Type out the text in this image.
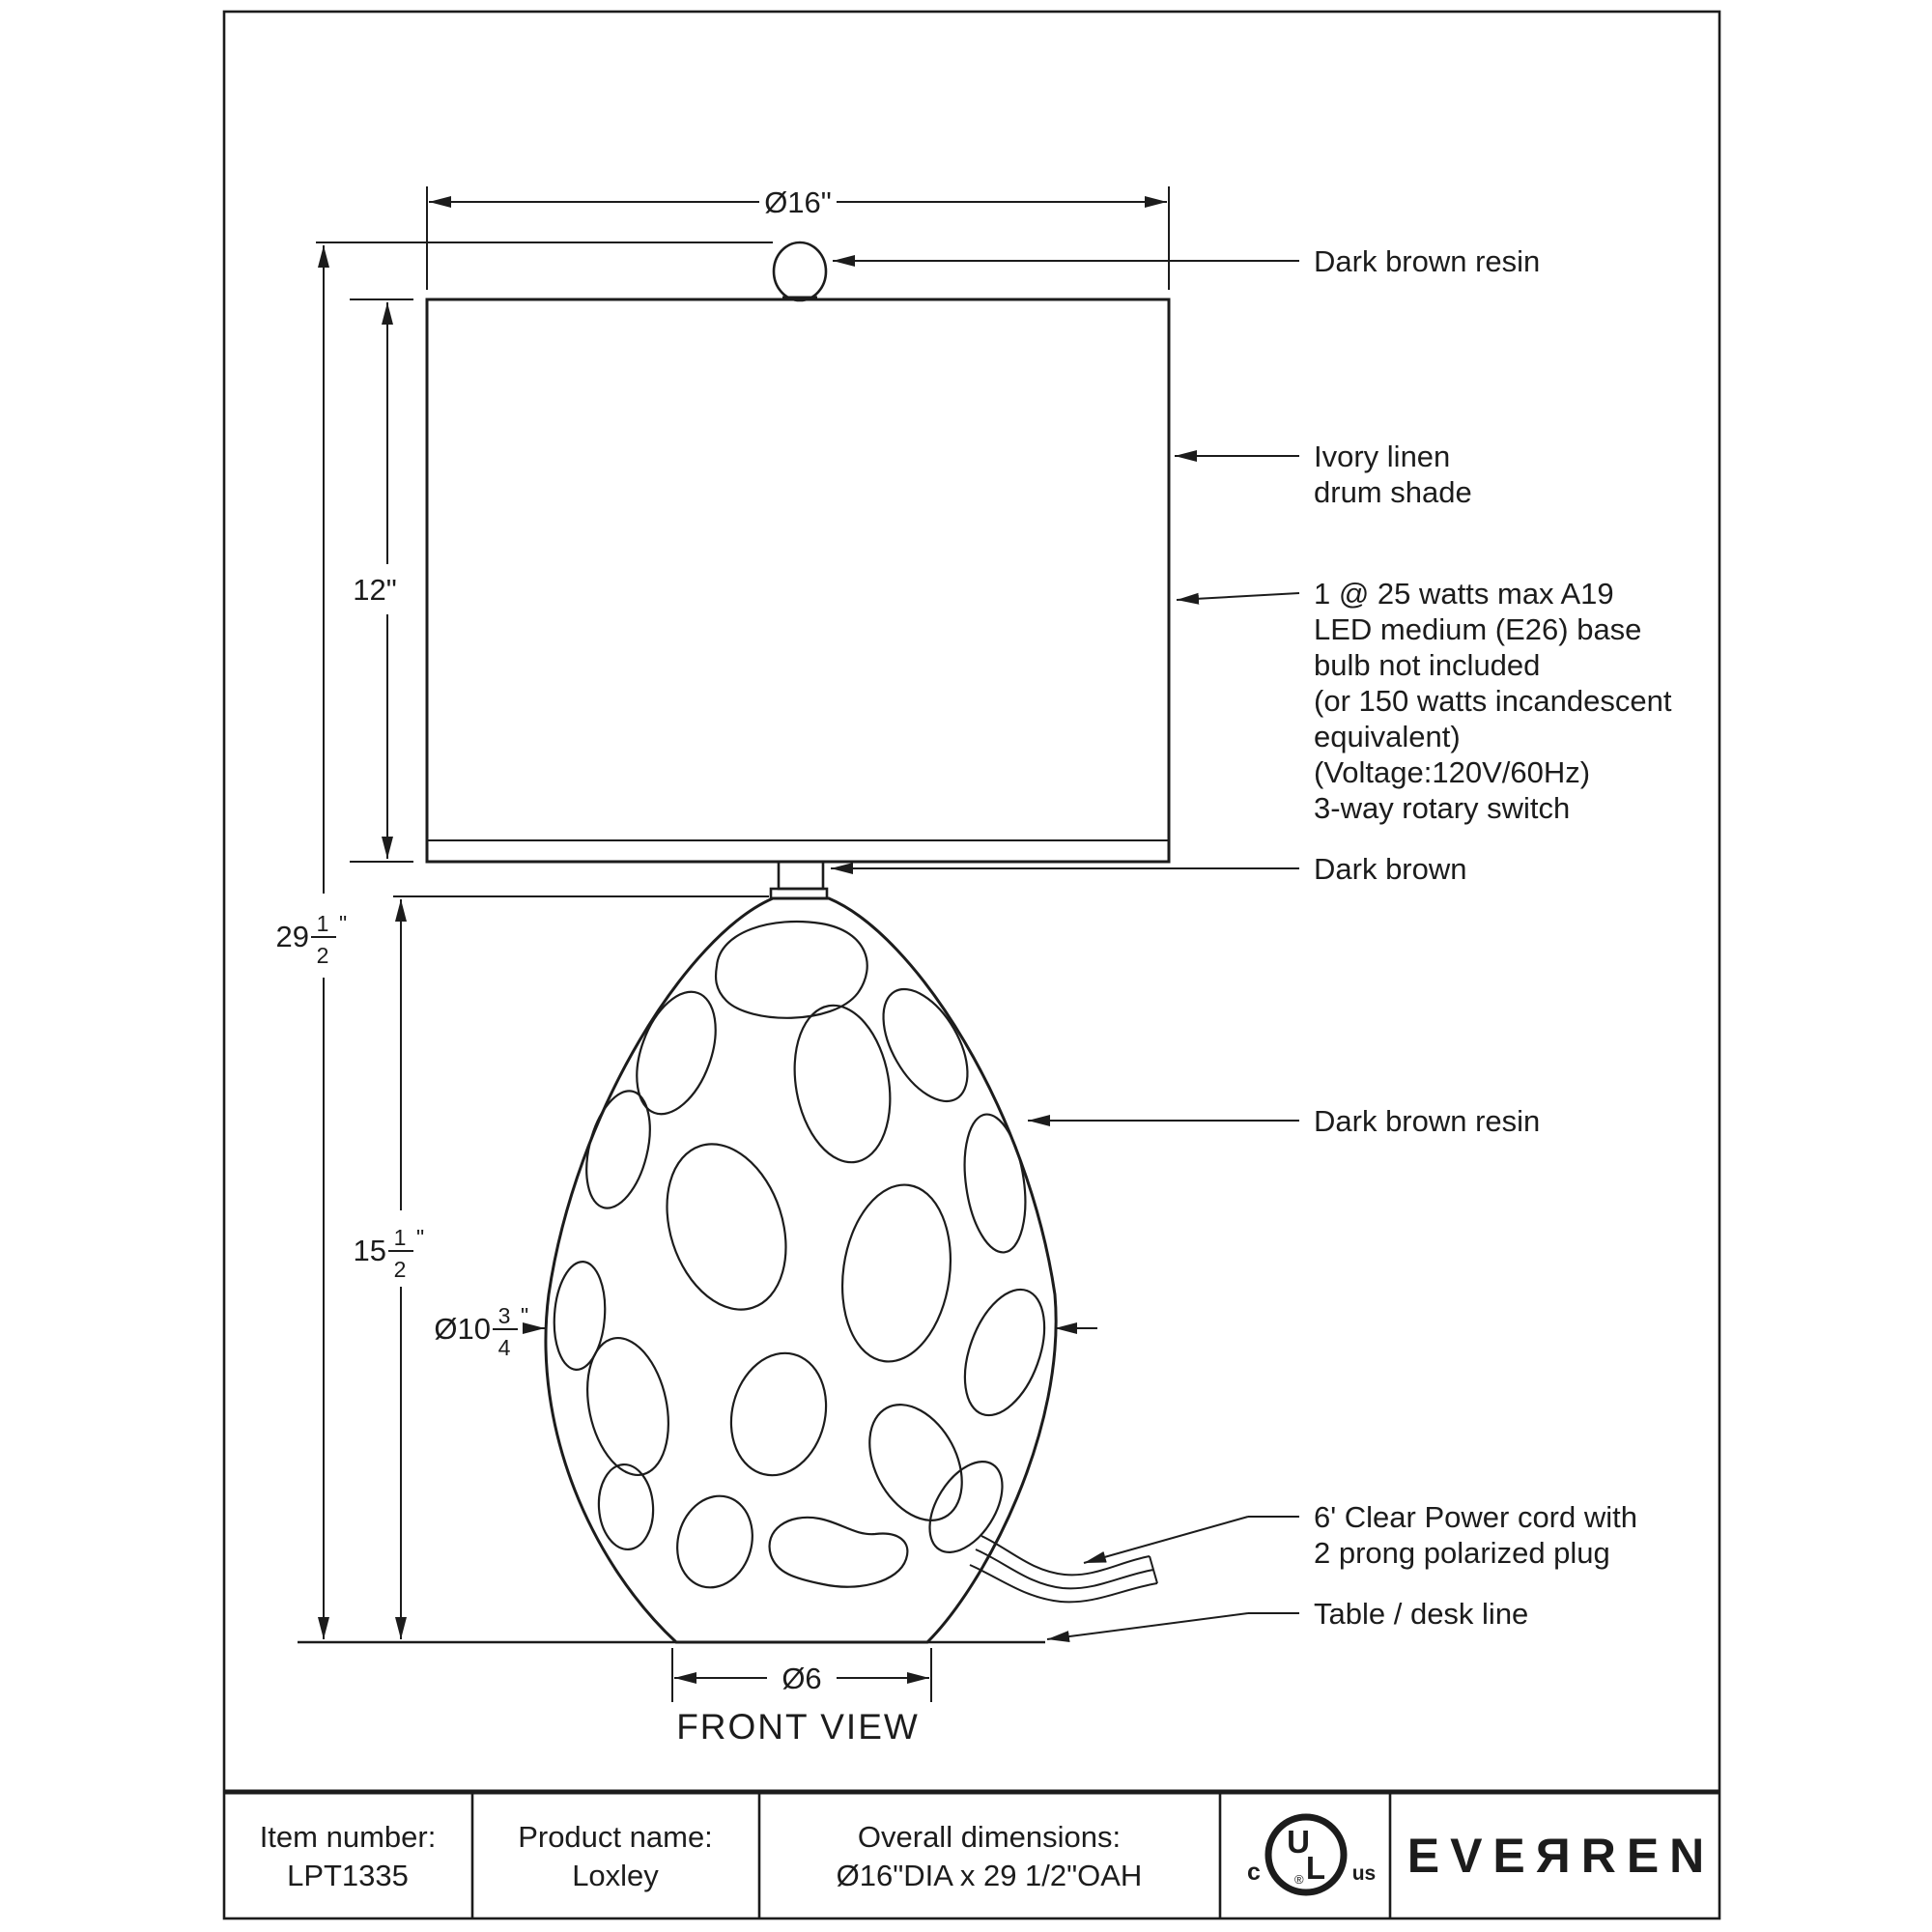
Ø16"
12"
29 1
2
"
15 1
2
"
Ø10 3
4
"
Ø6
Dark brown resin
Ivory linen
drum shade
1 @ 25 watts max A19
LED medium (E26) base
bulb not included
(or 150 watts incandescent
equivalent)
(Voltage:120V/60Hz)
3-way rotary switch
Dark brown
Dark brown resin
6' Clear Power cord with
2 prong polarized plug
Table / desk line
FRONT VIEW
Item number:
LPT1335
Product name:
Loxley
Overall dimensions:
Ø16"DIA x 29 1/2"OAH
U
L
®
c	us EVEЯREN
